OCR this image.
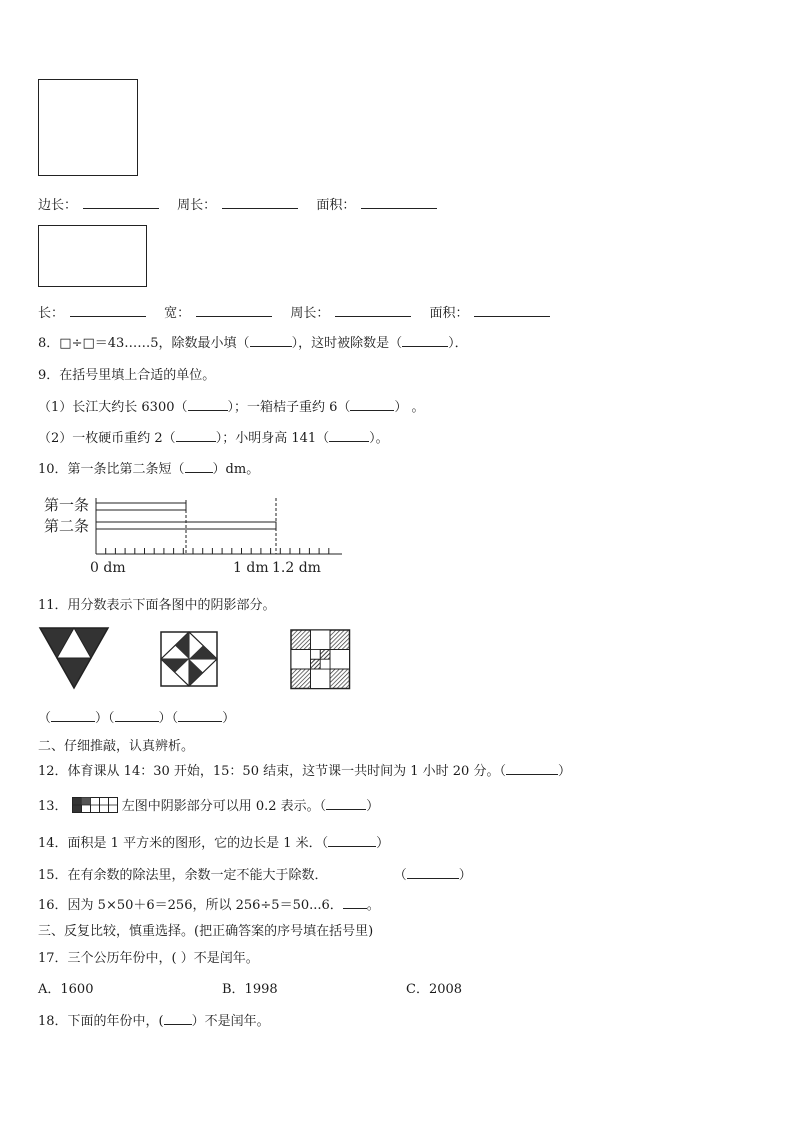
边长：	周长：	面积：
长：	宽：	周长：	面积：
8．□÷□＝43……5，除数最小填（	），这时被除数是（	）．
9．在括号里填上合适的单位。
（1）长江大约长 6300（	）；一箱桔子重约 6（	） 。
（2）一枚硬币重约 2（	）；小明身高 141（	）。
10．第一条比第二条短（ ）dm。
第一条
第二条
0 dm	1 dm 1.2 dm
11．用分数表示下面各图中的阴影部分。
（	）（	）（	）
二、仔细推敲，认真辨析。
12．体育课从 14：30 开始，15：50 结束，这节课一共时间为 1 小时 20 分。（	）
13．	左图中阴影部分可以用 0.2 表示。（	）
14．面积是 1 平方米的图形，它的边长是 1 米．（	）
15．在有余数的除法里，余数一定不能大于除数．	（	）
16．因为 5×50＋6＝256，所以 256÷5＝50...6． 。
三、反复比较，慎重选择。(把正确答案的序号填在括号里)
17．三个公历年份中，( ）不是闰年。
A．1600	B．1998	C．2008
18．下面的年份中，( ）不是闰年。
